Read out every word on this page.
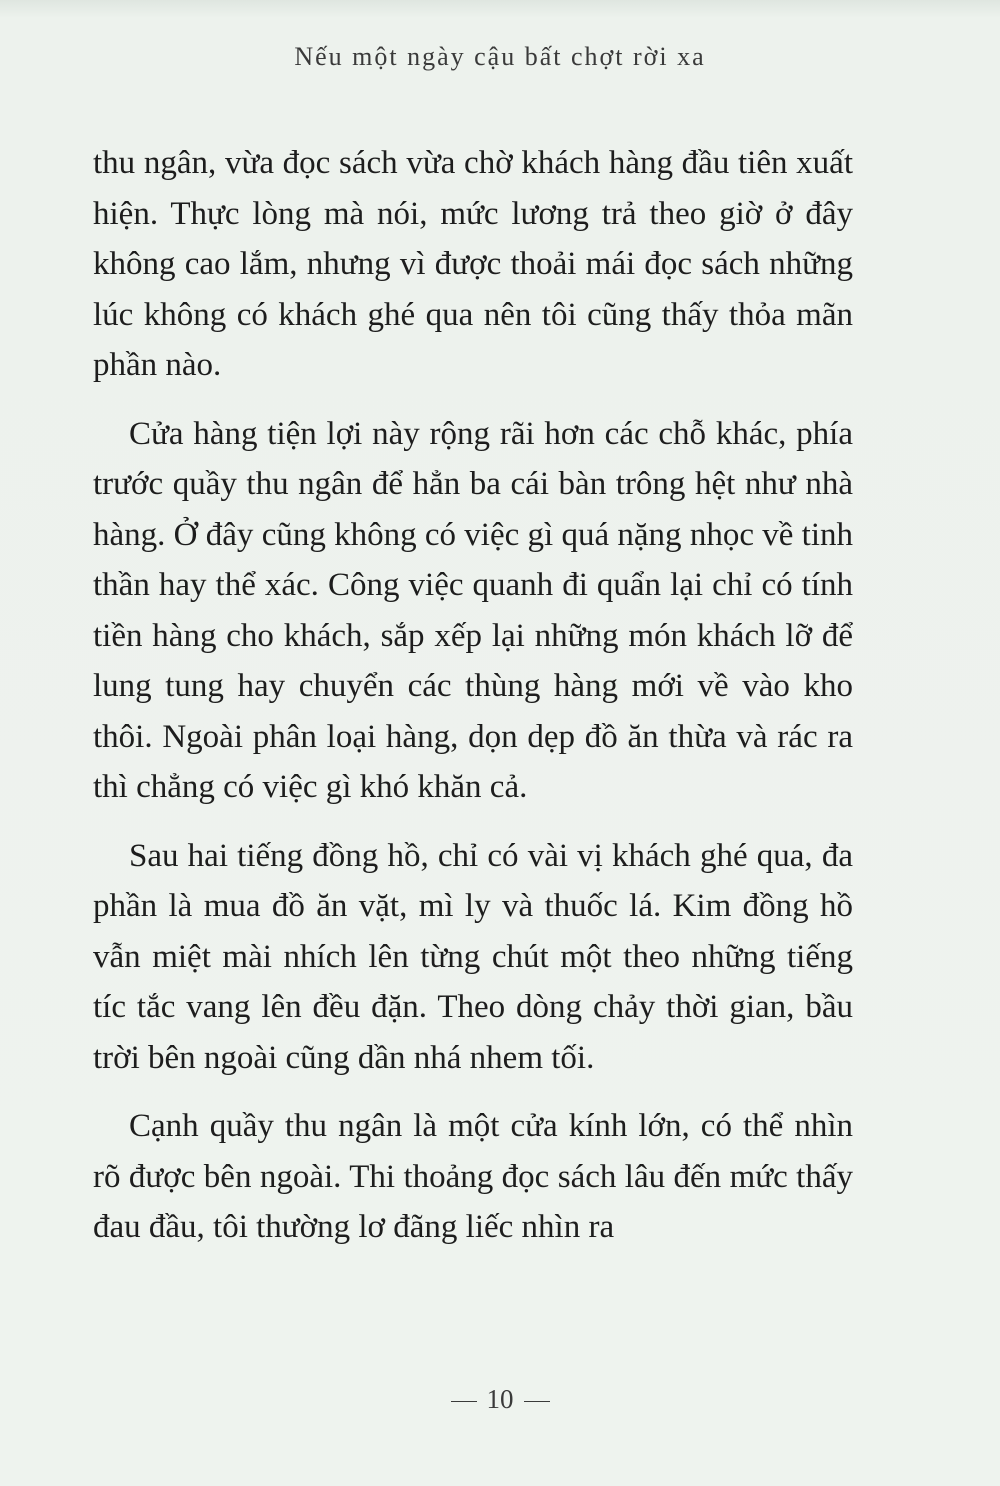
Nếu một ngày cậu bất chợt rời xa

thu ngân, vừa đọc sách vừa chờ khách hàng đầu tiên xuất hiện. Thực lòng mà nói, mức lương trả theo giờ ở đây không cao lắm, nhưng vì được thoải mái đọc sách những lúc không có khách ghé qua nên tôi cũng thấy thỏa mãn phần nào.

Cửa hàng tiện lợi này rộng rãi hơn các chỗ khác, phía trước quầy thu ngân để hẳn ba cái bàn trông hệt như nhà hàng. Ở đây cũng không có việc gì quá nặng nhọc về tinh thần hay thể xác. Công việc quanh đi quẩn lại chỉ có tính tiền hàng cho khách, sắp xếp lại những món khách lỡ để lung tung hay chuyển các thùng hàng mới về vào kho thôi. Ngoài phân loại hàng, dọn dẹp đồ ăn thừa và rác ra thì chẳng có việc gì khó khăn cả.

Sau hai tiếng đồng hồ, chỉ có vài vị khách ghé qua, đa phần là mua đồ ăn vặt, mì ly và thuốc lá. Kim đồng hồ vẫn miệt mài nhích lên từng chút một theo những tiếng tíc tắc vang lên đều đặn. Theo dòng chảy thời gian, bầu trời bên ngoài cũng dần nhá nhem tối.

Cạnh quầy thu ngân là một cửa kính lớn, có thể nhìn rõ được bên ngoài. Thi thoảng đọc sách lâu đến mức thấy đau đầu, tôi thường lơ đãng liếc nhìn ra

10
